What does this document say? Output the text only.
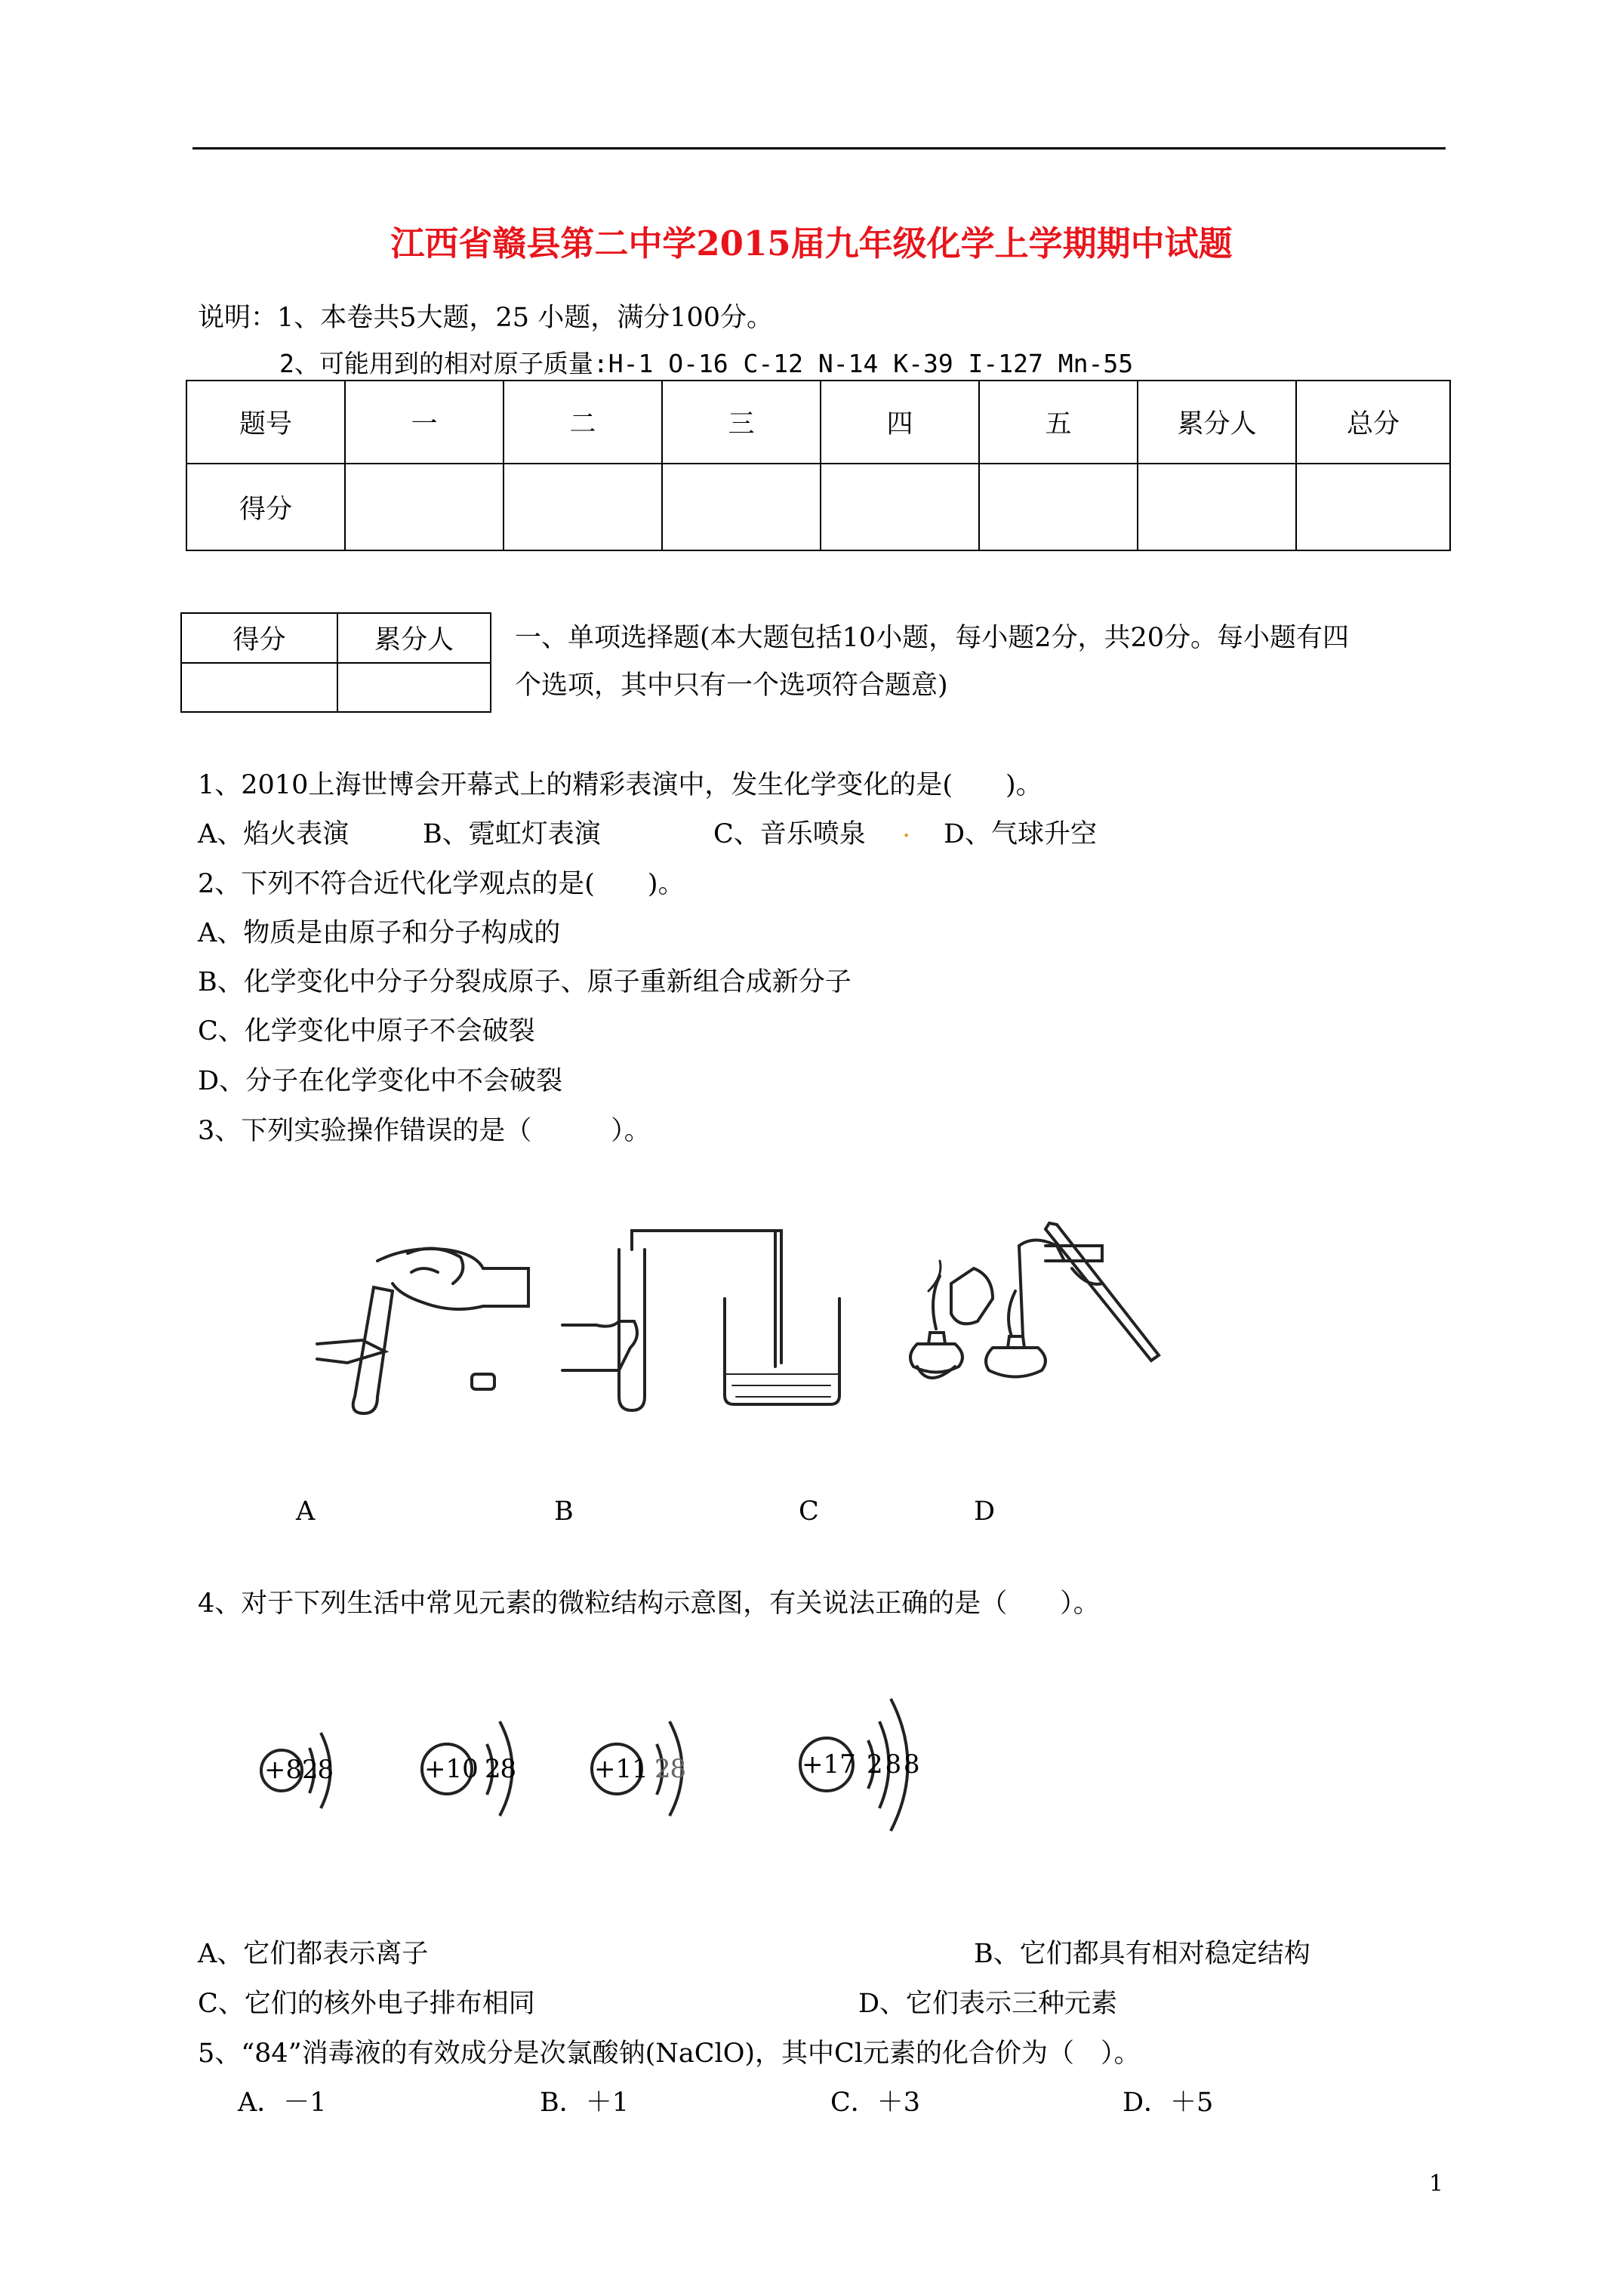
江西省赣县第二中学2015届九年级化学上学期期中试题
说明：1、本卷共5大题，25 小题，满分100分。
2、可能用到的相对原子质量:H-1 O-16 C-12 N-14 K-39 I-127 Mn-55
题号	一	二	三	四	五	累分人	总分
得分							
得分	累分人
	一、单项选择题(本大题包括10小题，每小题2分，共20分。每小题有四
个选项，其中只有一个选项符合题意)
1、2010上海世博会开幕式上的精彩表演中，发生化学变化的是(　　)。
A、焰火表演	B、霓虹灯表演	C、音乐喷泉 . D、气球升空
2、下列不符合近代化学观点的是(　　)。
A、物质是由原子和分子构成的
B、化学变化中分子分裂成原子、原子重新组合成新分子
C、化学变化中原子不会破裂
D、分子在化学变化中不会破裂
3、下列实验操作错误的是（　　　）。
A	B	C	D
4、对于下列生活中常见元素的微粒结构示意图，有关说法正确的是（　　）。
+8 2 8	+10 2 8	+11 2 8	+17 2 8 8
A、它们都表示离子	B、它们都具有相对稳定结构
C、它们的核外电子排布相同	D、它们表示三种元素
5、“84”消毒液的有效成分是次氯酸钠(NaClO)，其中Cl元素的化合价为（　）。
A．－1	B．＋1	C．＋3	D．＋5
1
